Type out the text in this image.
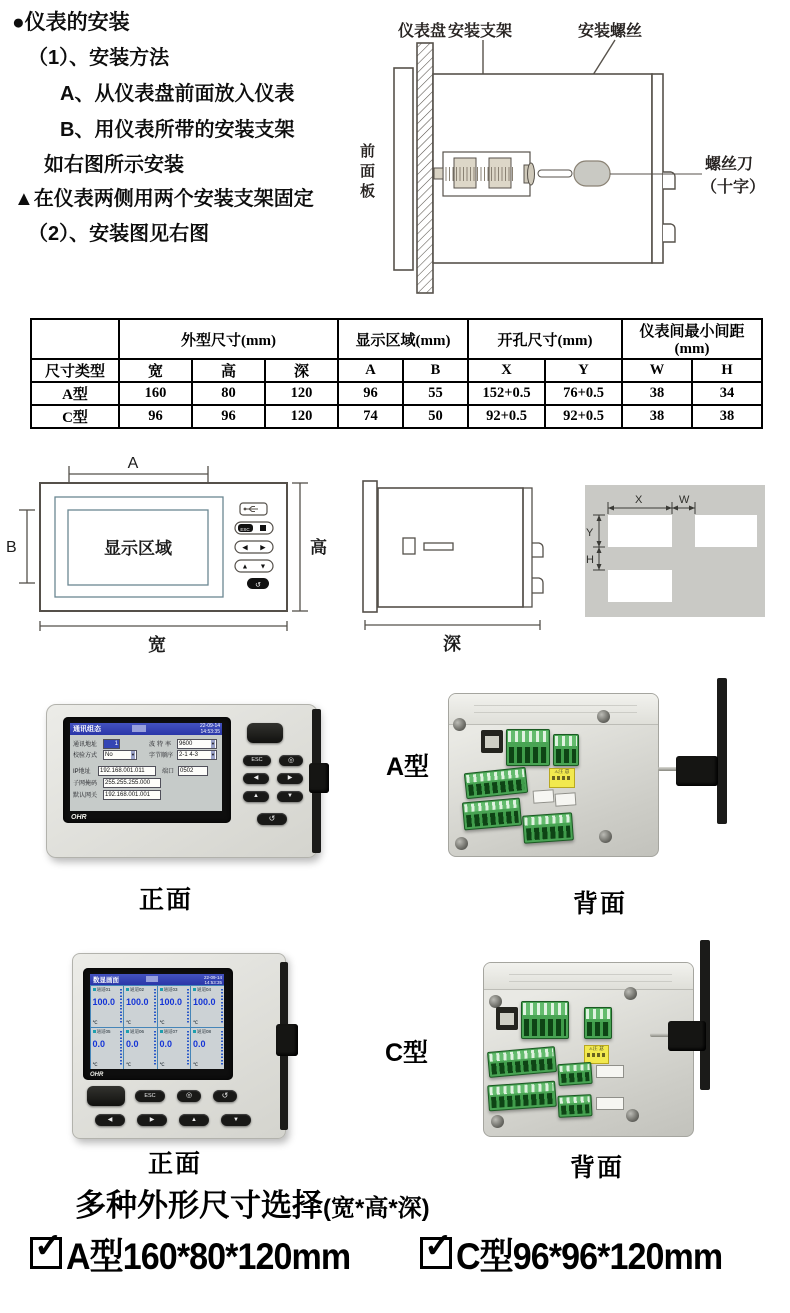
●仪表的安装
（1）、安装方法
A、从仪表盘前面放入仪表
B、用仪表所带的安装支架
如右图所示安装
▲在仪表两侧用两个安装支架固定
（2）、安装图见右图
仪表盘 安装支架	安装螺丝
螺丝刀
（十字）
前
面
板
	外型尺寸(mm)			显示区域(mm)		开孔尺寸(mm)		仪表间最小间距(mm)	
尺寸类型	宽	高	深	A	B	X	Y	W	H
A型	160	80	120	96	55	152+0.5	76+0.5	38	34
C型	96	96	120	74	50	92+0.5	92+0.5	38	38
A
B	显示区域	高
宽
ESC
◀ ▶
▲ ▼
↺
深
X	W
Y
H
通讯组态	22-09-14
14:53:35
通讯地址	1	波特率 9600	▼
校验方式	No	▼ 字节顺序 2-1 4-3	▼
IP地址	192.168.001.011	端口 0502
子网掩码	255.255.255.000
默认网关	192.168.001.001
OHR
ESC	◎
◀	▶
▲	▼
↺
A型	⚠注 意
正面	背面
数显画面	22-09-14
14:53:35
通道01
100.0
℃
通道02
100.0
℃
通道03
100.0
℃
通道04
100.0
℃
通道05
0.0
℃
通道06
0.0
℃
通道07
0.0
℃
通道08
0.0
℃
OHR
ESC	◎	↺
◀	▶	▲	▼
C型	⚠注 意
正面	背面
多种外形尺寸选择(宽*高*深)
✓ A型160*80*120mm ✓ C型96*96*120mm
